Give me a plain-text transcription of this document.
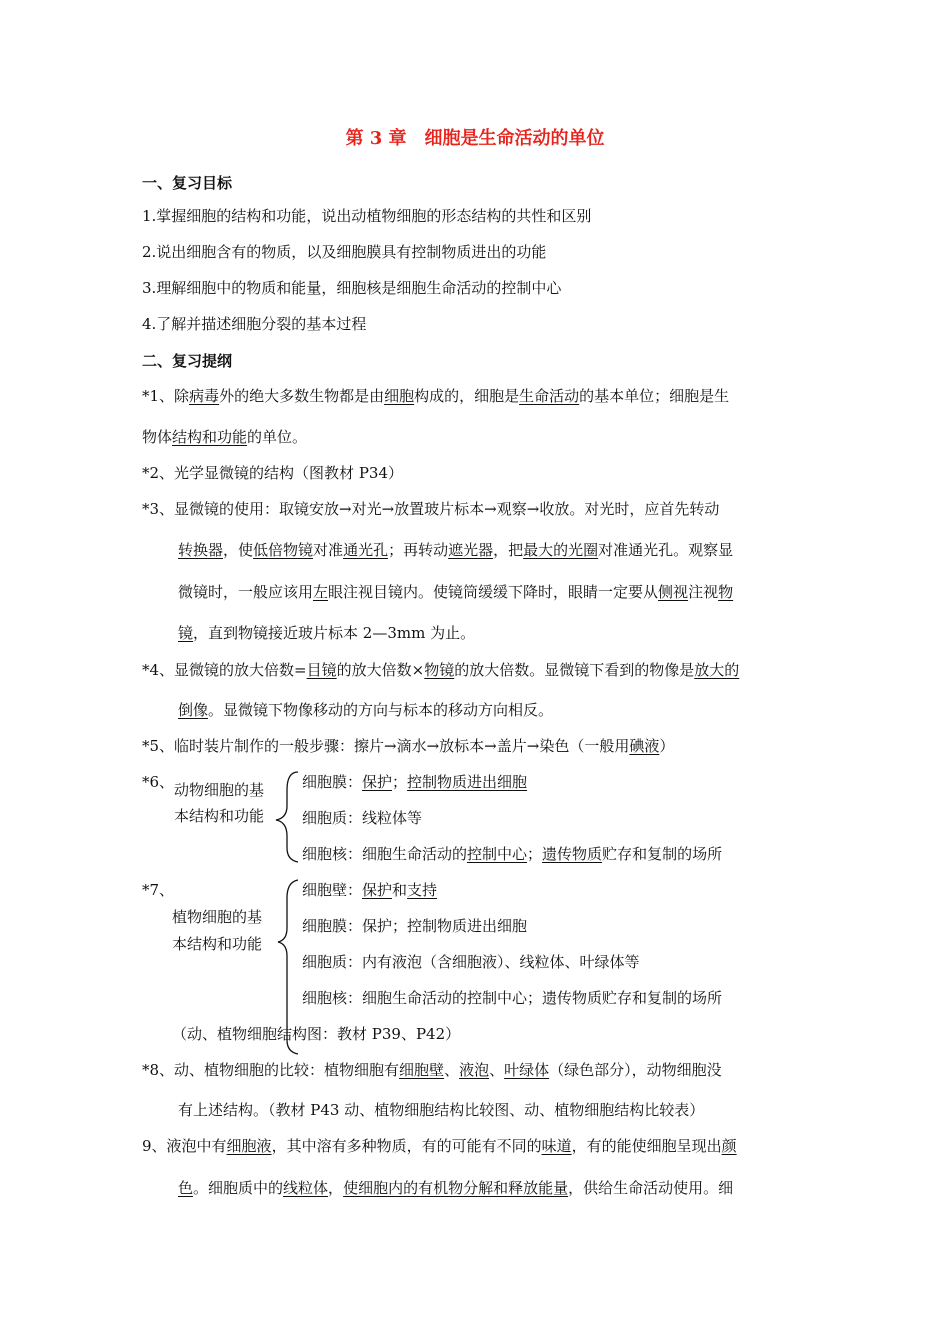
第 3 章　细胞是生命活动的单位
一、复习目标
1.掌握细胞的结构和功能，说出动植物细胞的形态结构的共性和区别
2.说出细胞含有的物质，以及细胞膜具有控制物质进出的功能
3.理解细胞中的物质和能量，细胞核是细胞生命活动的控制中心
4.了解并描述细胞分裂的基本过程
二、复习提纲
*1、除病毒外的绝大多数生物都是由细胞构成的，细胞是生命活动的基本单位；细胞是生
物体结构和功能的单位。
*2、光学显微镜的结构（图教材 P34）
*3、显微镜的使用：取镜安放→对光→放置玻片标本→观察→收放。对光时，应首先转动
转换器，使低倍物镜对准通光孔；再转动遮光器，把最大的光圈对准通光孔。观察显
微镜时，一般应该用左眼注视目镜内。使镜筒缓缓下降时，眼睛一定要从侧视注视物
镜，直到物镜接近玻片标本 2—3mm 为止。
*4、显微镜的放大倍数=目镜的放大倍数×物镜的放大倍数。显微镜下看到的物像是放大的
倒像。显微镜下物像移动的方向与标本的移动方向相反。
*5、临时装片制作的一般步骤：擦片→滴水→放标本→盖片→染色（一般用碘液）
*6、 动物细胞的基
本结构和功能
细胞膜：保护；控制物质进出细胞
细胞质：线粒体等
细胞核：细胞生命活动的控制中心；遗传物质贮存和复制的场所
*7、
植物细胞的基
本结构和功能
细胞壁：保护和支持
细胞膜：保护；控制物质进出细胞
细胞质：内有液泡（含细胞液）、线粒体、叶绿体等
细胞核：细胞生命活动的控制中心；遗传物质贮存和复制的场所
（动、植物细胞结构图：教材 P39、P42）
*8、动、植物细胞的比较：植物细胞有细胞壁、液泡、叶绿体（绿色部分），动物细胞没
有上述结构。（教材 P43 动、植物细胞结构比较图、动、植物细胞结构比较表）
9、液泡中有细胞液，其中溶有多种物质，有的可能有不同的味道，有的能使细胞呈现出颜
色。细胞质中的线粒体，使细胞内的有机物分解和释放能量，供给生命活动使用。细
